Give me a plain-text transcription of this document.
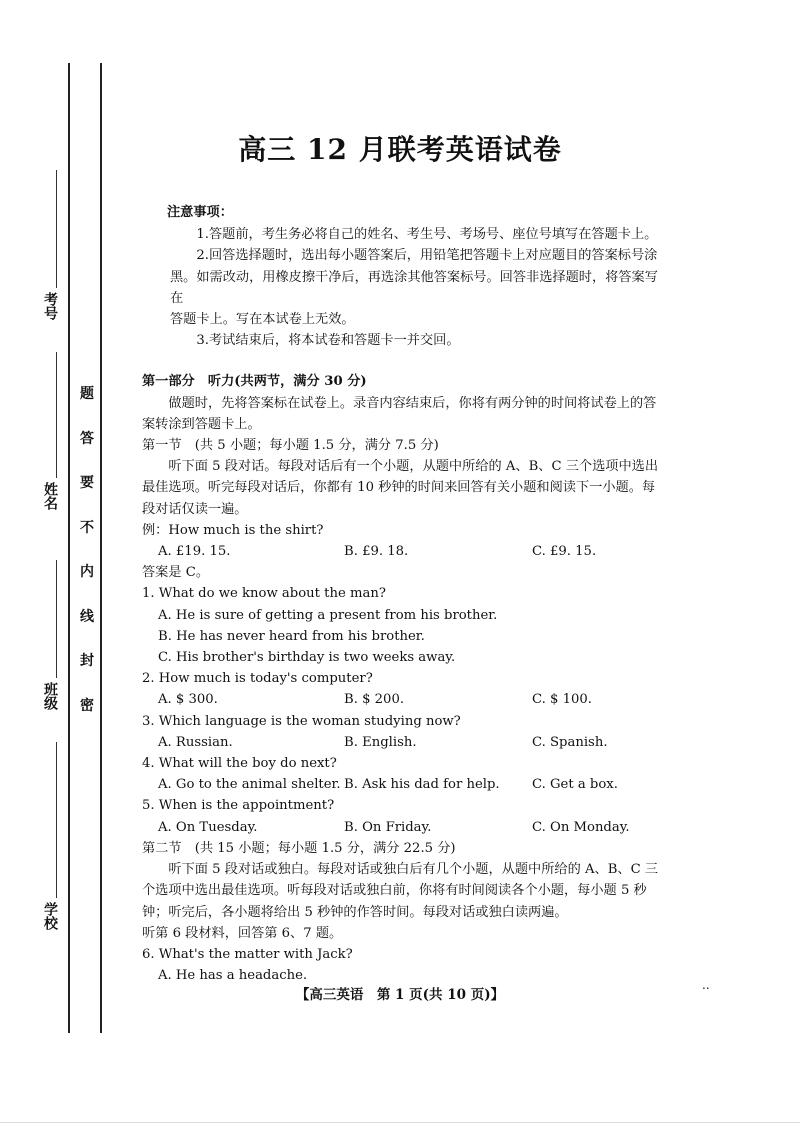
考号
姓名
班级
学校
题
答
要
不
内
线
封
密
高三 12 月联考英语试卷
注意事项：
1.答题前，考生务必将自己的姓名、考生号、考场号、座位号填写在答题卡上。
2.回答选择题时，选出每小题答案后，用铅笔把答题卡上对应题目的答案标号涂
黑。如需改动，用橡皮擦干净后，再选涂其他答案标号。回答非选择题时，将答案写在
答题卡上。写在本试卷上无效。
3.考试结束后，将本试卷和答题卡一并交回。
第一部分　听力(共两节，满分 30 分)
做题时，先将答案标在试卷上。录音内容结束后，你将有两分钟的时间将试卷上的答案转涂到答题卡上。
第一节　(共 5 小题；每小题 1.5 分，满分 7.5 分)
听下面 5 段对话。每段对话后有一个小题，从题中所给的 A、B、C 三个选项中选出最佳选项。听完每段对话后，你都有 10 秒钟的时间来回答有关小题和阅读下一小题。每段对话仅读一遍。
例：How much is the shirt?
A. £19. 15.	B. £9. 18.	C. £9. 15.
答案是 C。
1. What do we know about the man?
A. He is sure of getting a present from his brother.
B. He has never heard from his brother.
C. His brother's birthday is two weeks away.
2. How much is today's computer?
A. $ 300.	B. $ 200.	C. $ 100.
3. Which language is the woman studying now?
A. Russian.	B. English.	C. Spanish.
4. What will the boy do next?
A. Go to the animal shelter. B. Ask his dad for help.	C. Get a box.
5. When is the appointment?
A. On Tuesday.	B. On Friday.	C. On Monday.
第二节　(共 15 小题；每小题 1.5 分，满分 22.5 分)
听下面 5 段对话或独白。每段对话或独白后有几个小题，从题中所给的 A、B、C 三个选项中选出最佳选项。听每段对话或独白前，你将有时间阅读各个小题，每小题 5 秒钟；听完后，各小题将给出 5 秒钟的作答时间。每段对话或独白读两遍。
听第 6 段材料，回答第 6、7 题。
6. What's the matter with Jack?
A. He has a headache.
【高三英语　第 1 页(共 10 页)】
..
